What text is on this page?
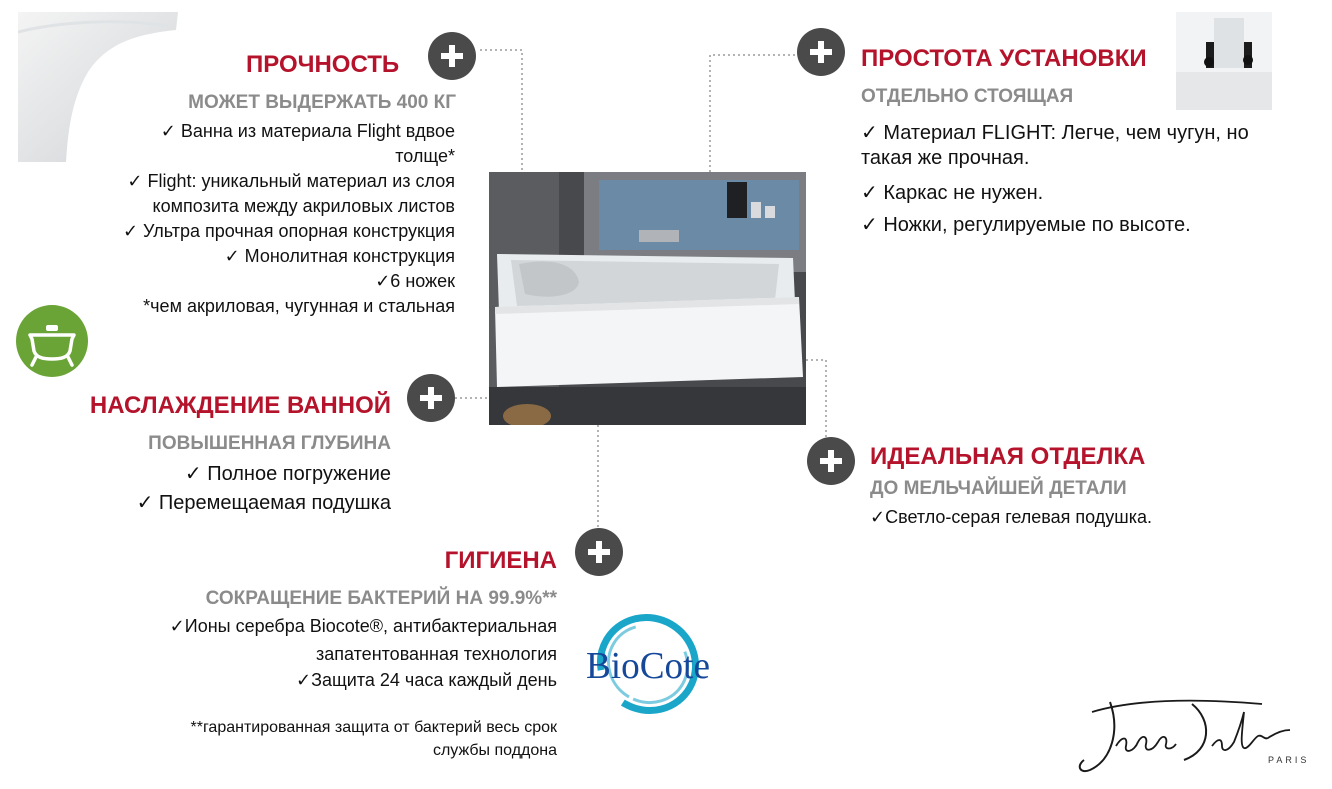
ПРОЧНОСТЬ
МОЖЕТ ВЫДЕРЖАТЬ 400 КГ
✓ Ванна из материала Flight вдвое
толще*
✓ Flight: уникальный материал из слоя
композита между акриловых листов
✓ Ультра прочная опорная конструкция
✓ Монолитная конструкция
✓6 ножек
*чем акриловая, чугунная и стальная
ПРОСТОТА УСТАНОВКИ
ОТДЕЛЬНО СТОЯЩАЯ
✓ Материал FLIGHT: Легче, чем чугун, но
такая же прочная.
✓ Каркас не нужен.
✓ Ножки, регулируемые по высоте.
НАСЛАЖДЕНИЕ ВАННОЙ
ПОВЫШЕННАЯ ГЛУБИНА
✓ Полное погружение
✓ Перемещаемая подушка
ИДЕАЛЬНАЯ ОТДЕЛКА
ДО МЕЛЬЧАЙШЕЙ ДЕТАЛИ
✓Светло-серая гелевая подушка.
ГИГИЕНА
СОКРАЩЕНИЕ БАКТЕРИЙ НА 99.9%**
✓Ионы серебра Biocote®, антибактериальная
запатентованная технология
✓Защита 24 часа каждый день
**гарантированная защита от бактерий весь срок
службы поддона
BioCote
PARIS
